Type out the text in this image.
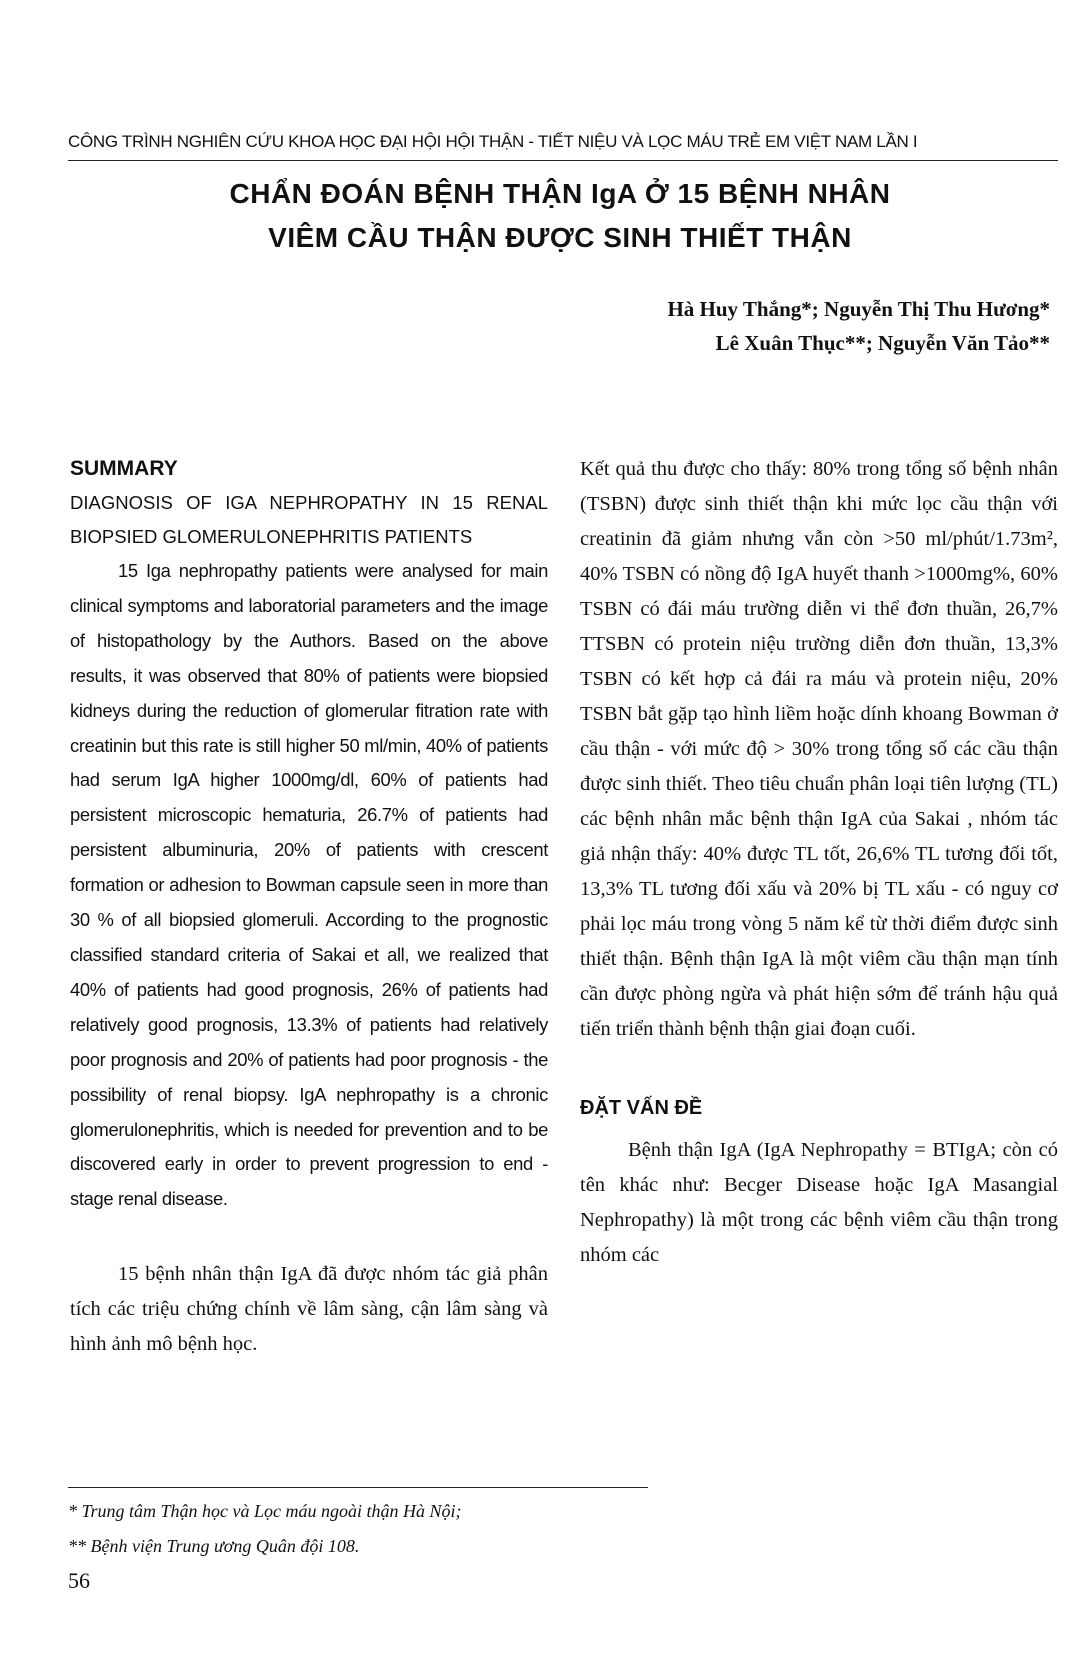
CÔNG TRÌNH NGHIÊN CỨU KHOA HỌC ĐẠI HỘI HỘI THẬN - TIẾT NIỆU VÀ LỌC MÁU TRẺ EM VIỆT NAM LẦN I
CHẨN ĐOÁN BỆNH THẬN IgA Ở 15 BỆNH NHÂN
VIÊM CẦU THẬN ĐƯỢC SINH THIẾT THẬN
Hà Huy Thắng*; Nguyễn Thị Thu Hương*
Lê Xuân Thục**; Nguyễn Văn Tảo**
SUMMARY
DIAGNOSIS OF IGA NEPHROPATHY IN 15 RENAL
BIOPSIED GLOMERULONEPHRITIS PATIENTS

15 Iga nephropathy patients were analysed for main clinical symptoms and laboratorial parameters and the image of histopathology by the Authors. Based on the above results, it was observed that 80% of patients were biopsied kidneys during the reduction of glomerular fitration rate with creatinin but this rate is still higher 50 ml/min, 40% of patients had serum IgA higher 1000mg/dl, 60% of patients had persistent microscopic hematuria, 26.7% of patients had persistent albuminuria, 20% of patients with crescent formation or adhesion to Bowman capsule seen in more than 30 % of all biopsied glomeruli. According to the prognostic classified standard criteria of Sakai et all, we realized that 40% of patients had good prognosis, 26% of patients had relatively good prognosis, 13.3% of patients had relatively poor prognosis and 20% of patients had poor prognosis - the possibility of renal biopsy. IgA nephropathy is a chronic glomerulonephritis, which is needed for prevention and to be discovered early in order to prevent progression to end - stage renal disease.

15 bệnh nhân thận IgA đã được nhóm tác giả phân tích các triệu chứng chính về lâm sàng, cận lâm sàng và hình ảnh mô bệnh học.

Kết quả thu được cho thấy: 80% trong tổng số bệnh nhân (TSBN) được sinh thiết thận khi mức lọc cầu thận với creatinin đã giảm nhưng vẫn còn >50 ml/phút/1.73m², 40% TSBN có nồng độ IgA huyết thanh >1000mg%, 60% TSBN có đái máu trường diễn vi thể đơn thuần, 26,7% TTSBN có protein niệu trường diễn đơn thuần, 13,3% TSBN có kết hợp cả đái ra máu và protein niệu, 20% TSBN bắt gặp tạo hình liềm hoặc dính khoang Bowman ở cầu thận - với mức độ > 30% trong tổng số các cầu thận được sinh thiết. Theo tiêu chuẩn phân loại tiên lượng (TL) các bệnh nhân mắc bệnh thận IgA của Sakai , nhóm tác giả nhận thấy: 40% được TL tốt, 26,6% TL tương đối tốt, 13,3% TL tương đối xấu và 20% bị TL xấu - có nguy cơ phải lọc máu trong vòng 5 năm kể từ thời điểm được sinh thiết thận. Bệnh thận IgA là một viêm cầu thận mạn tính cần được phòng ngừa và phát hiện sớm để tránh hậu quả tiến triển thành bệnh thận giai đoạn cuối.

ĐẶT VẤN ĐỀ

Bệnh thận IgA (IgA Nephropathy = BTIgA; còn có tên khác như: Becger Disease hoặc IgA Masangial Nephropathy) là một trong các bệnh viêm cầu thận trong nhóm các

* Trung tâm Thận học và Lọc máu ngoài thận Hà Nội;
** Bệnh viện Trung ương Quân đội 108.
56
